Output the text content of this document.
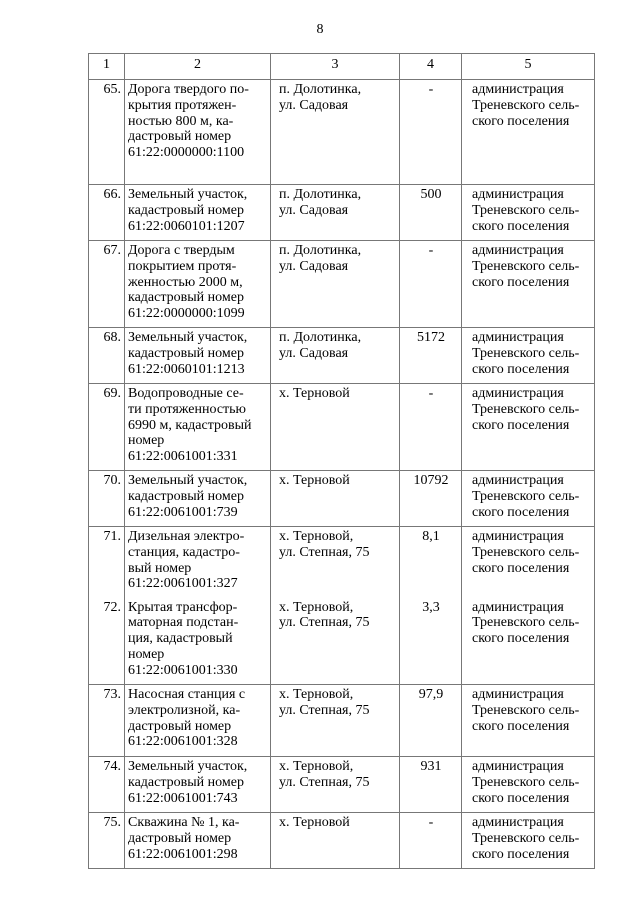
8
1	2	3	4	5
65.	Дорога твердого по-
крытия протяжен-
ностью 800 м, ка-
дастровый номер
61:22:0000000:1100	п. Долотинка,
ул. Садовая	-	администрация
Треневского сель-
ского поселения
66.	Земельный участок,
кадастровый номер
61:22:0060101:1207	п. Долотинка,
ул. Садовая	500	администрация
Треневского сель-
ского поселения
67.	Дорога с твердым
покрытием протя-
женностью 2000 м,
кадастровый номер
61:22:0000000:1099	п. Долотинка,
ул. Садовая	-	администрация
Треневского сель-
ского поселения
68.	Земельный участок,
кадастровый номер
61:22:0060101:1213	п. Долотинка,
ул. Садовая	5172	администрация
Треневского сель-
ского поселения
69.	Водопроводные се-
ти протяженностью
6990 м, кадастровый
номер
61:22:0061001:331	х. Терновой	-	администрация
Треневского сель-
ского поселения
70.	Земельный участок,
кадастровый номер
61:22:0061001:739	х. Терновой	10792	администрация
Треневского сель-
ского поселения
71.	Дизельная электро-
станция, кадастро-
вый номер
61:22:0061001:327	х. Терновой,
ул. Степная, 75	8,1	администрация
Треневского сель-
ского поселения
72.	Крытая трансфор-
маторная подстан-
ция, кадастровый
номер
61:22:0061001:330	х. Терновой,
ул. Степная, 75	3,3	администрация
Треневского сель-
ского поселения
73.	Насосная станция с
электролизной, ка-
дастровый номер
61:22:0061001:328	х. Терновой,
ул. Степная, 75	97,9	администрация
Треневского сель-
ского поселения
74.	Земельный участок,
кадастровый номер
61:22:0061001:743	х. Терновой,
ул. Степная, 75	931	администрация
Треневского сель-
ского поселения
75.	Скважина № 1, ка-
дастровый номер
61:22:0061001:298	х. Терновой	-	администрация
Треневского сель-
ского поселения
